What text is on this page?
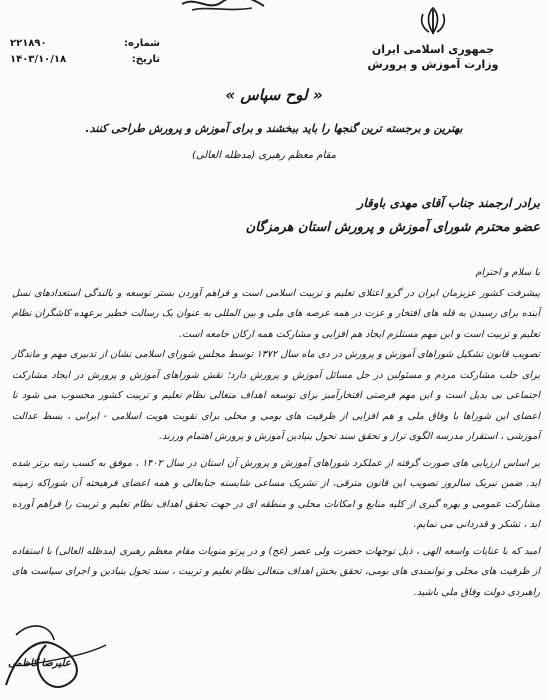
جمهوری اسلامی ایران
وزارت آموزش و پرورش
شماره:
۲۲۱۸۹۰
تاریخ:
۱۴۰۳/۱۰/۱۸
« لوح سپاس »
بهترین و برجسته ترین گنجها را باید ببخشند و برای آموزش و پرورش طراحی کنند.
مقام معظم رهبری (مدظله العالی)
برادر ارجمند جناب آقای مهدی باوقار
عضو محترم شورای آموزش و پرورش استان هرمزگان

با سلام و احترام

پیشرفت کشور عزیزمان ایران در گرو اعتلای تعلیم و تربیت اسلامی است و فراهم آوردن بستر توسعه و بالندگی استعدادهای نسل آینده برای رسیدن به قله های افتخار و عزت در همه عرصه های ملی و بین المللی به عنوان یک رسالت خطیر برعهده کاشگران نظام تعلیم و تربیت است و این مهم مستلزم ایجاد هم افزایی و مشارکت همه ارکان جامعه است.

تصویب قانون تشکیل شوراهای آموزش و پرورش در دی ماه سال ۱۳۷۲ توسط مجلس شورای اسلامی نشان از تدبیری مهم و ماندگار برای جلب مشارکت مردم و مسئولین در حل مسائل آموزش و پرورش دارد؛ نقش شوراهای آموزش و پرورش در ایجاد مشارکت اجتماعی بی بدیل است و این مهم فرصتی افتخارآمیز برای توسعه اهداف متعالی نظام تعلیم و تربیت کشور محسوب می شود تا اعضای این شوراها با وفاق ملی و هم افزایی از ظرفیت های بومی و محلی برای تقویت هویت اسلامی - ایرانی ، بسط عدالت آموزشی ، استقرار مدرسه الگوی تراز و تحقق سند تحول بنیادین آموزش و پرورش اهتمام ورزند.

بر اساس ارزیابی های صورت گرفته از عملکرد شوراهای آموزش و پرورش آن استان در سال ۱۴۰۲ ، موفق به کسب رتبه برتر شده اید. ضمن تبریک سالروز تصویب این قانون مترقی، از تشریک مساعی شایسته جنابعالی و همه اعضای فرهیخته آن شوراکه زمینه مشارکت عمومی و بهره گیری از کلیه منابع و امکانات محلی و منطقه ای در جهت تحقق اهداف نظام تعلیم و تربیت را فراهم آورده اید ، تشکر و قدردانی می نمایم.

امید که با عنایات واسعه الهی ، ذیل توجهات حضرت ولی عصر (عج) و در پرتو منویات مقام معظم رهبری (مدظله العالی) با استفاده از ظرفیت های محلی و توانمندی های بومی، تحقق بخش اهداف متعالی نظام تعلیم و تربیت ، سند تحول بنیادین و اجرای سیاست های راهبردی دولت وفاق ملی باشید.

علیرضا کاظمی
